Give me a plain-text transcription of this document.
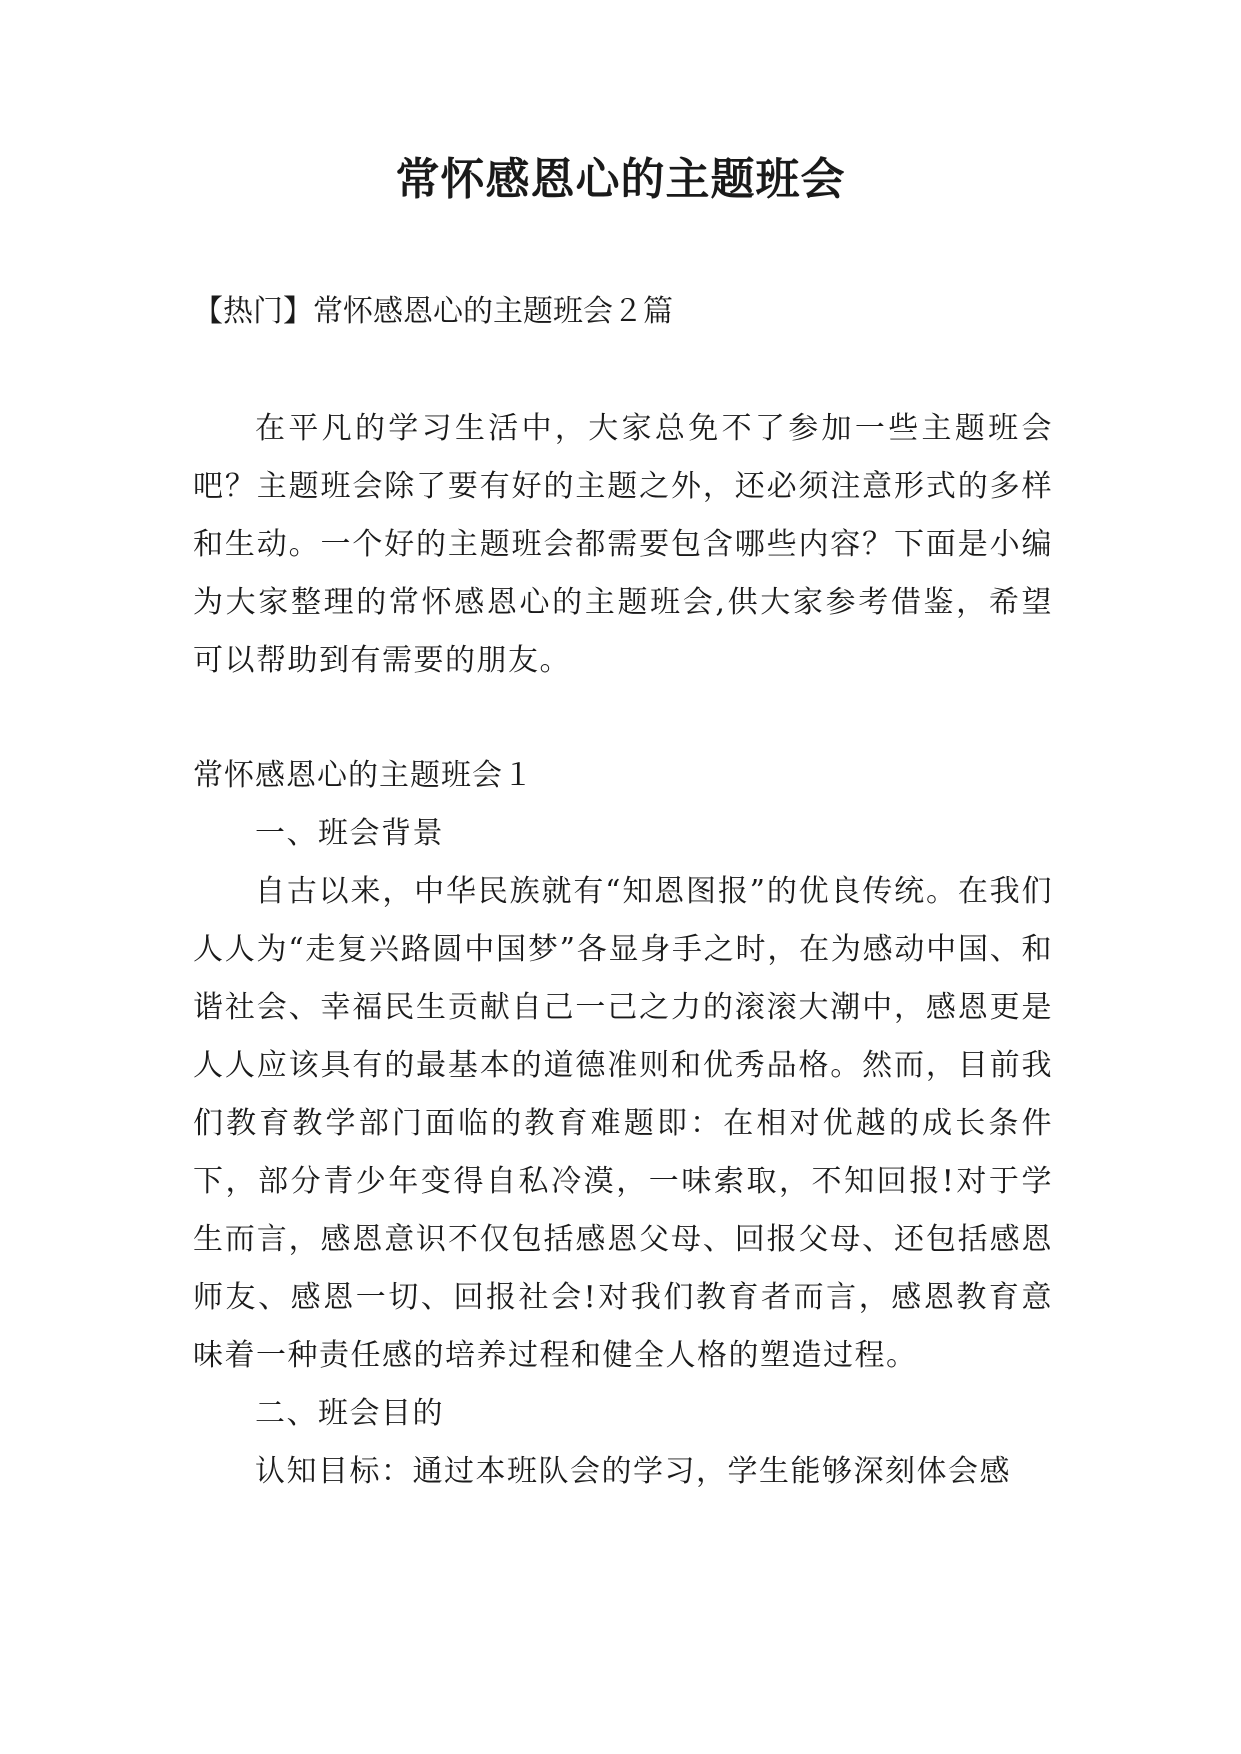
常怀感恩心的主题班会

【热门】常怀感恩心的主题班会２篇

在平凡的学习生活中，大家总免不了参加一些主题班会吧？主题班会除了要有好的主题之外，还必须注意形式的多样和生动。一个好的主题班会都需要包含哪些内容？下面是小编为大家整理的常怀感恩心的主题班会,供大家参考借鉴，希望可以帮助到有需要的朋友。

常怀感恩心的主题班会１

一、班会背景

自古以来，中华民族就有“知恩图报”的优良传统。在我们人人为“走复兴路圆中国梦”各显身手之时，在为感动中国、和谐社会、幸福民生贡献自己一己之力的滚滚大潮中，感恩更是人人应该具有的最基本的道德准则和优秀品格。然而，目前我们教育教学部门面临的教育难题即：在相对优越的成长条件下，部分青少年变得自私冷漠，一味索取，不知回报!对于学生而言，感恩意识不仅包括感恩父母、回报父母、还包括感恩师友、感恩一切、回报社会!对我们教育者而言，感恩教育意味着一种责任感的培养过程和健全人格的塑造过程。

二、班会目的

认知目标：通过本班队会的学习，学生能够深刻体会感
